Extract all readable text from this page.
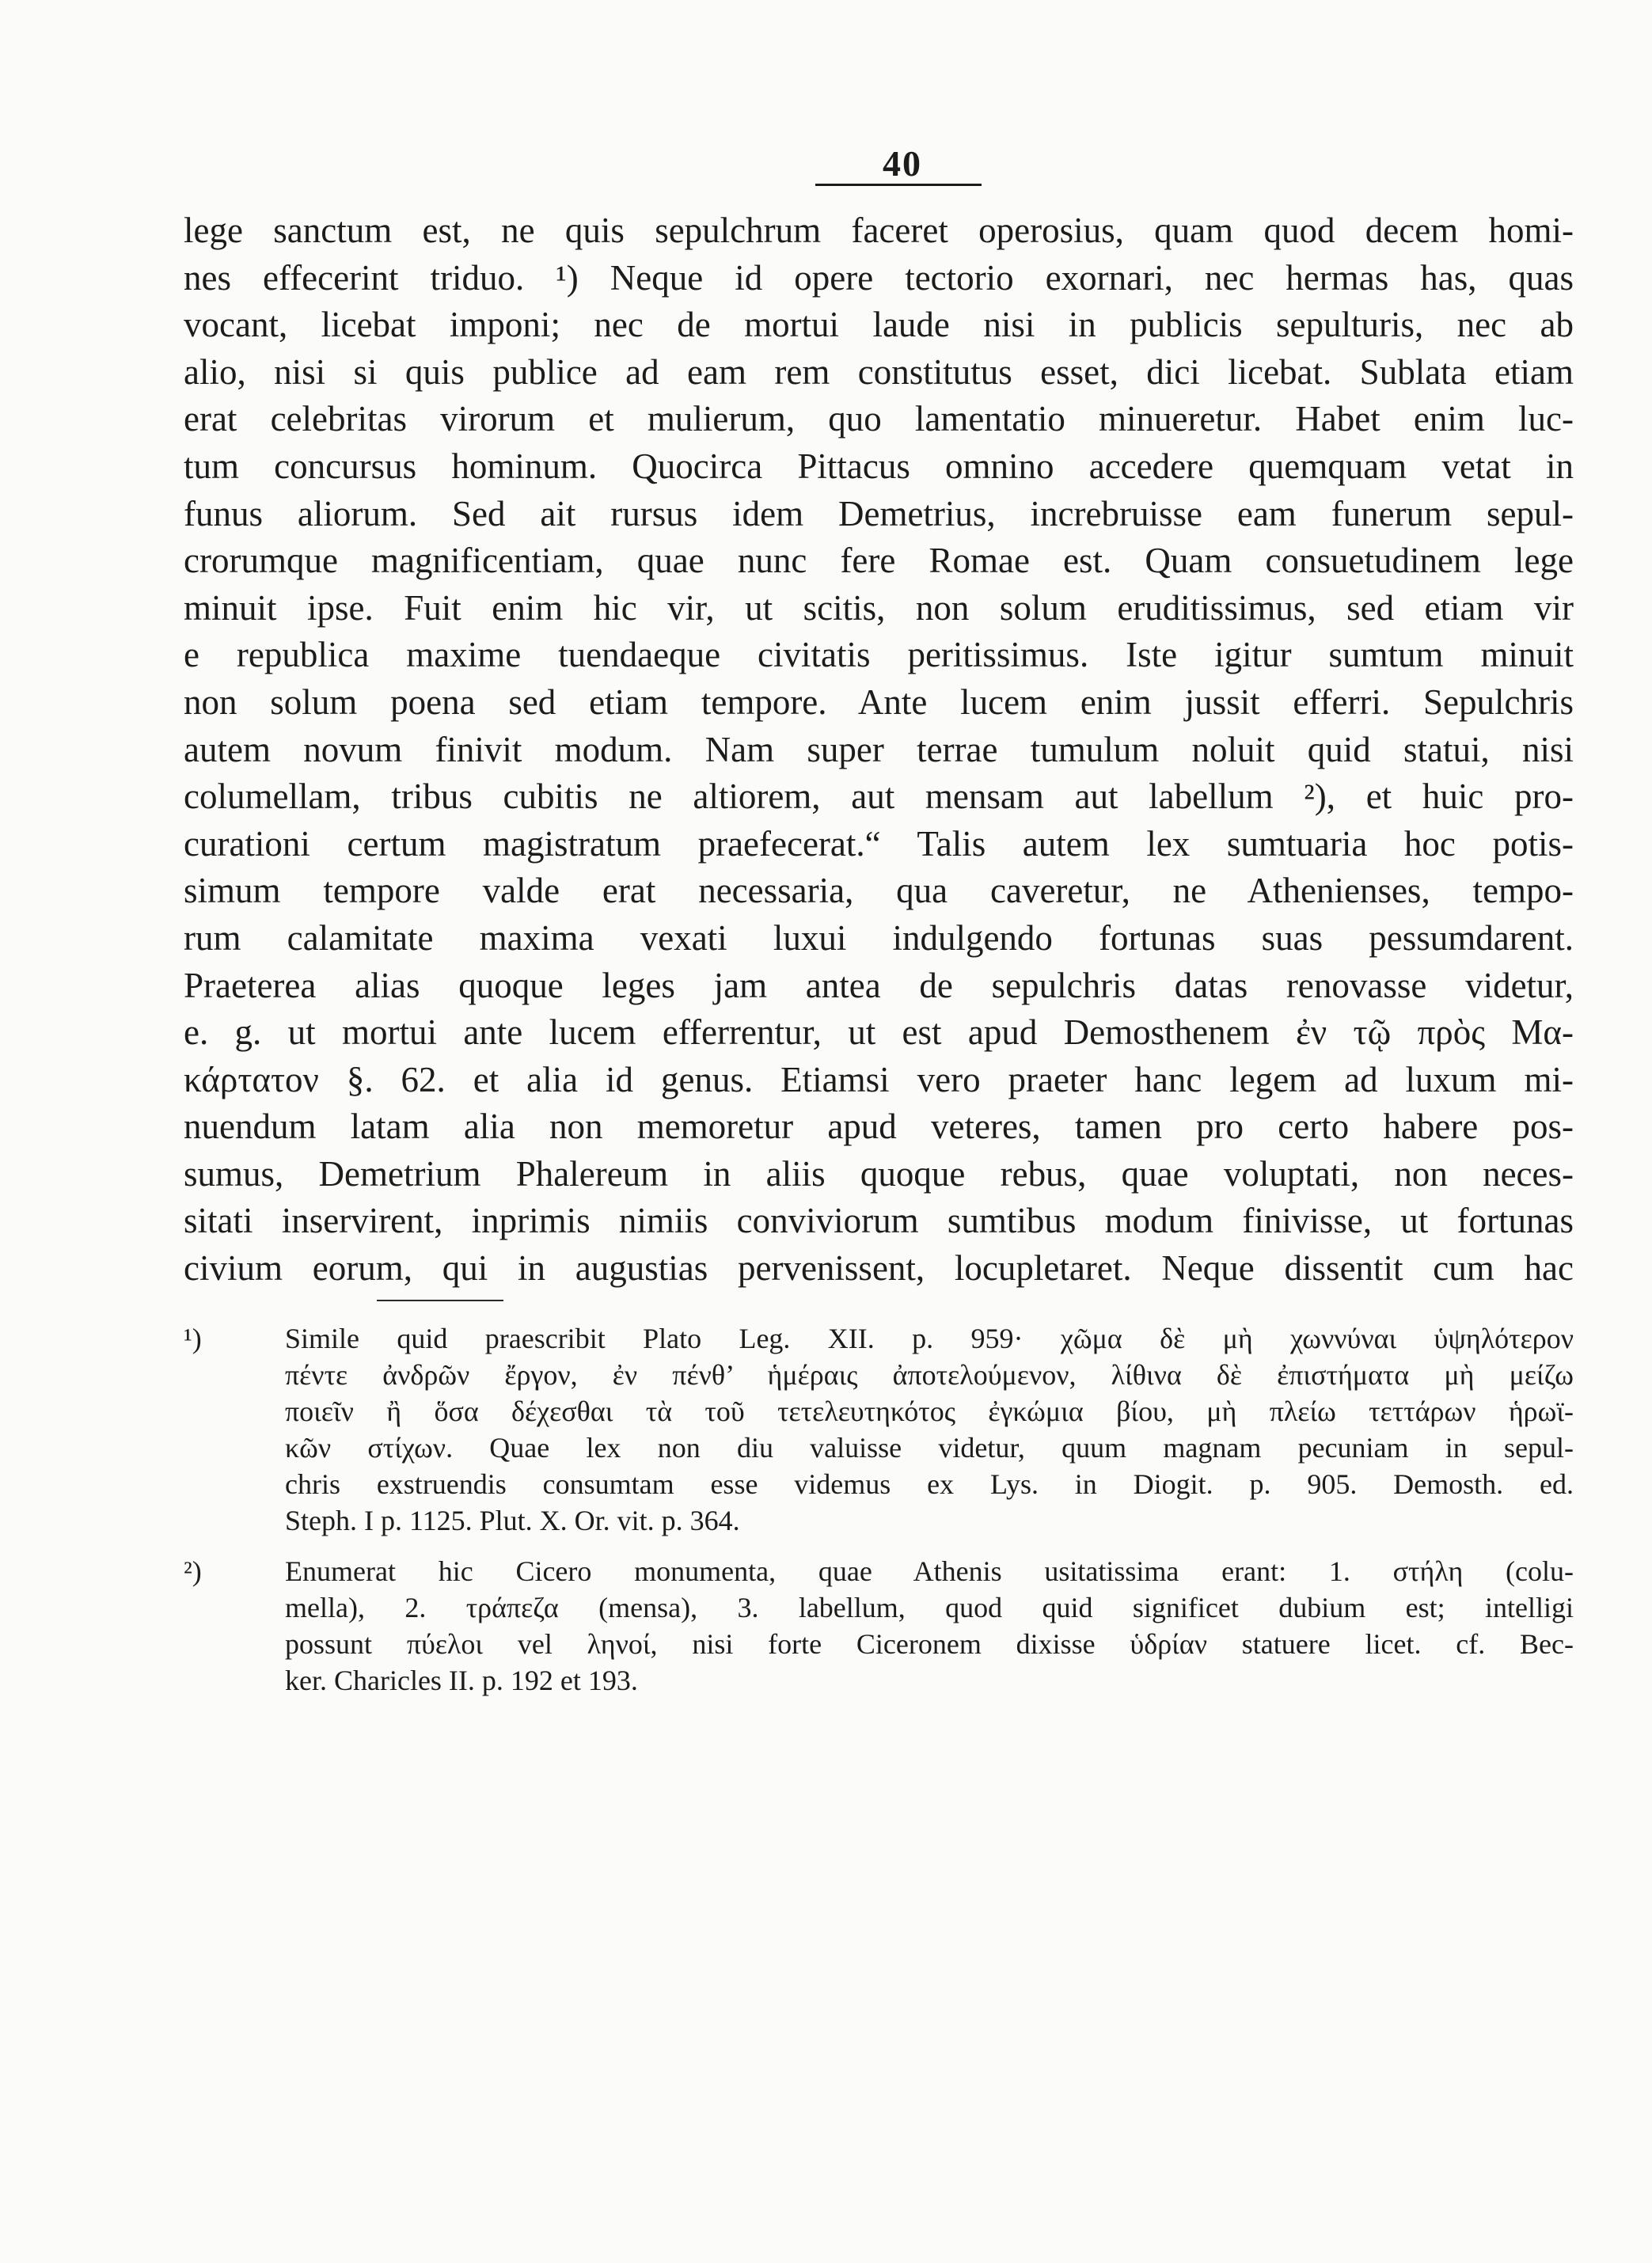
40
lege sanctum est, ne quis sepulchrum faceret operosius, quam quod decem homi-
nes effecerint triduo. ¹) Neque id opere tectorio exornari, nec hermas has, quas
vocant, licebat imponi; nec de mortui laude nisi in publicis sepulturis, nec ab
alio, nisi si quis publice ad eam rem constitutus esset, dici licebat. Sublata etiam
erat celebritas virorum et mulierum, quo lamentatio minueretur. Habet enim luc-
tum concursus hominum. Quocirca Pittacus omnino accedere quemquam vetat in
funus aliorum. Sed ait rursus idem Demetrius, increbruisse eam funerum sepul-
crorumque magnificentiam, quae nunc fere Romae est. Quam consuetudinem lege
minuit ipse. Fuit enim hic vir, ut scitis, non solum eruditissimus, sed etiam vir
e republica maxime tuendaeque civitatis peritissimus. Iste igitur sumtum minuit
non solum poena sed etiam tempore. Ante lucem enim jussit efferri. Sepulchris
autem novum finivit modum. Nam super terrae tumulum noluit quid statui, nisi
columellam, tribus cubitis ne altiorem, aut mensam aut labellum ²), et huic pro-
curationi certum magistratum praefecerat.“ Talis autem lex sumtuaria hoc potis-
simum tempore valde erat necessaria, qua caveretur, ne Athenienses, tempo-
rum calamitate maxima vexati luxui indulgendo fortunas suas pessumdarent.
Praeterea alias quoque leges jam antea de sepulchris datas renovasse videtur,
e. g. ut mortui ante lucem efferrentur, ut est apud Demosthenem ἐν τῷ πρὸς Μα-
κάρτατον §. 62. et alia id genus. Etiamsi vero praeter hanc legem ad luxum mi-
nuendum latam alia non memoretur apud veteres, tamen pro certo habere pos-
sumus, Demetrium Phalereum in aliis quoque rebus, quae voluptati, non neces-
sitati inservirent, inprimis nimiis conviviorum sumtibus modum finivisse, ut fortunas
civium eorum, qui in augustias pervenissent, locupletaret. Neque dissentit cum hac
¹)	Simile quid praescribit Plato Leg. XII. p. 959· χῶμα δὲ μὴ χωννύναι ὑψηλότερον
πέντε ἀνδρῶν ἔργον, ἐν πένθ’ ἡμέραις ἀποτελούμενον, λίθινα δὲ ἐπιστήματα μὴ μείζω
ποιεῖν ἢ ὅσα δέχεσθαι τὰ τοῦ τετελευτηκότος ἐγκώμια βίου, μὴ πλείω τεττάρων ἡρωϊ-
κῶν στίχων. Quae lex non diu valuisse videtur, quum magnam pecuniam in sepul-
chris exstruendis consumtam esse videmus ex Lys. in Diogit. p. 905. Demosth. ed.
Steph. I p. 1125. Plut. X. Or. vit. p. 364.
²)	Enumerat hic Cicero monumenta, quae Athenis usitatissima erant: 1. στήλη (colu-
mella), 2. τράπεζα (mensa), 3. labellum, quod quid significet dubium est; intelligi
possunt πύελοι vel ληνοί, nisi forte Ciceronem dixisse ὑδρίαν statuere licet. cf. Bec-
ker. Charicles II. p. 192 et 193.
